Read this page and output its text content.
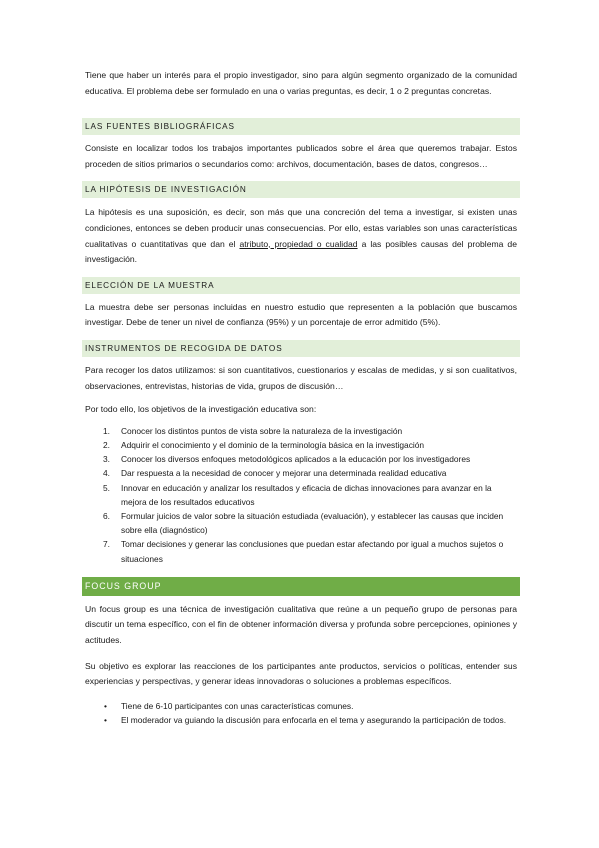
Tiene que haber un interés para el propio investigador, sino para algún segmento organizado de la comunidad educativa. El problema debe ser formulado en una o varias preguntas, es decir, 1 o 2 preguntas concretas.

LAS FUENTES BIBLIOGRÁFICAS

Consiste en localizar todos los trabajos importantes publicados sobre el área que queremos trabajar. Estos proceden de sitios primarios o secundarios como: archivos, documentación, bases de datos, congresos…

LA HIPÓTESIS DE INVESTIGACIÓN

La hipótesis es una suposición, es decir, son más que una concreción del tema a investigar, si existen unas condiciones, entonces se deben producir unas consecuencias. Por ello, estas variables son unas características cualitativas o cuantitativas que dan el atributo, propiedad o cualidad a las posibles causas del problema de investigación.

ELECCIÓN DE LA MUESTRA

La muestra debe ser personas incluidas en nuestro estudio que representen a la población que buscamos investigar. Debe de tener un nivel de confianza (95%) y un porcentaje de error admitido (5%).

INSTRUMENTOS DE RECOGIDA DE DATOS

Para recoger los datos utilizamos: si son cuantitativos, cuestionarios y escalas de medidas, y si son cualitativos, observaciones, entrevistas, historias de vida, grupos de discusión…

Por todo ello, los objetivos de la investigación educativa son:

1. Conocer los distintos puntos de vista sobre la naturaleza de la investigación
2. Adquirir el conocimiento y el dominio de la terminología básica en la investigación
3. Conocer los diversos enfoques metodológicos aplicados a la educación por los investigadores
4. Dar respuesta a la necesidad de conocer y mejorar una determinada realidad educativa
5. Innovar en educación y analizar los resultados y eficacia de dichas innovaciones para avanzar en la mejora de los resultados educativos
6. Formular juicios de valor sobre la situación estudiada (evaluación), y establecer las causas que inciden sobre ella (diagnóstico)
7. Tomar decisiones y generar las conclusiones que puedan estar afectando por igual a muchos sujetos o situaciones
FOCUS GROUP

Un focus group es una técnica de investigación cualitativa que reúne a un pequeño grupo de personas para discutir un tema específico, con el fin de obtener información diversa y profunda sobre percepciones, opiniones y actitudes.

Su objetivo es explorar las reacciones de los participantes ante productos, servicios o políticas, entender sus experiencias y perspectivas, y generar ideas innovadoras o soluciones a problemas específicos.

• Tiene de 6-10 participantes con unas características comunes.
• El moderador va guiando la discusión para enfocarla en el tema y asegurando la participación de todos.
